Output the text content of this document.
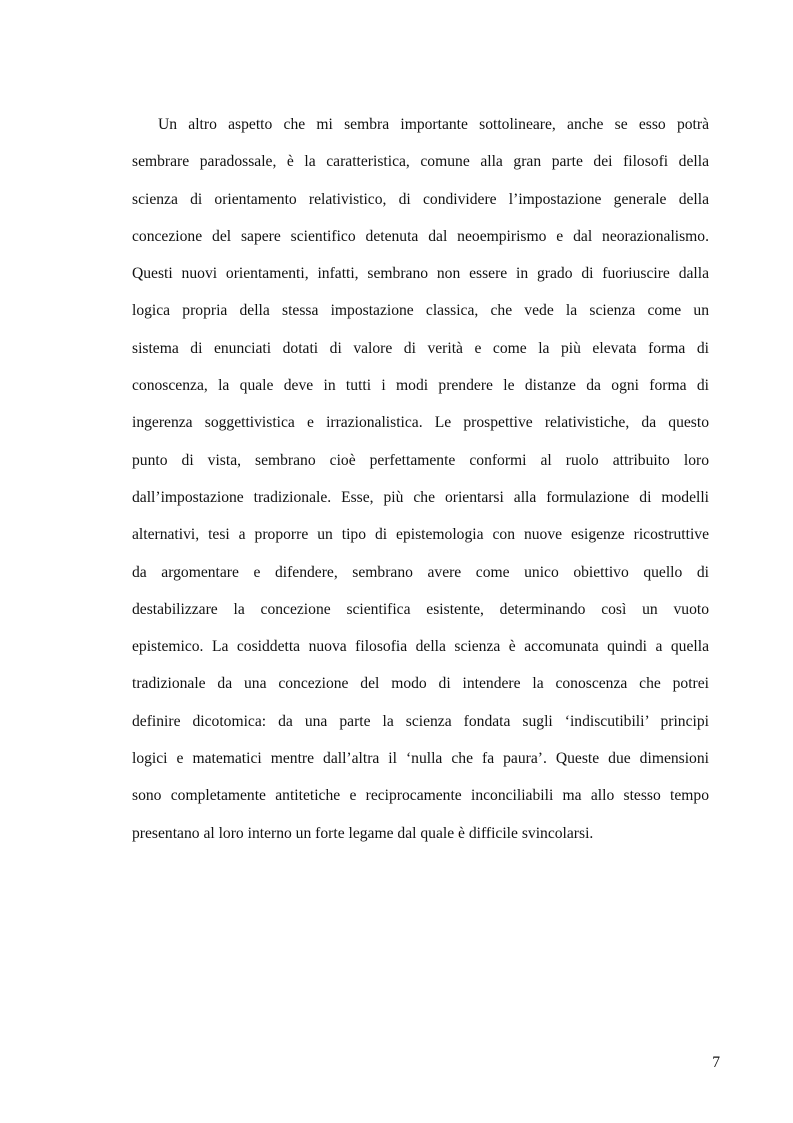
Un altro aspetto che mi sembra importante sottolineare, anche se esso potrà
sembrare paradossale, è la caratteristica, comune alla gran parte dei filosofi della
scienza di orientamento relativistico, di condividere l’impostazione generale della
concezione del sapere scientifico detenuta dal neoempirismo e dal neorazionalismo.
Questi nuovi orientamenti, infatti, sembrano non essere in grado di fuoriuscire dalla
logica propria della stessa impostazione classica, che vede la scienza come un
sistema di enunciati dotati di valore di verità e come la più elevata forma di
conoscenza, la quale deve in tutti i modi prendere le distanze da ogni forma di
ingerenza soggettivistica e irrazionalistica. Le prospettive relativistiche, da questo
punto di vista, sembrano cioè perfettamente conformi al ruolo attribuito loro
dall’impostazione tradizionale. Esse, più che orientarsi alla formulazione di modelli
alternativi, tesi a proporre un tipo di epistemologia con nuove esigenze ricostruttive
da argomentare e difendere, sembrano avere come unico obiettivo quello di
destabilizzare la concezione scientifica esistente, determinando così un vuoto
epistemico. La cosiddetta nuova filosofia della scienza è accomunata quindi a quella
tradizionale da una concezione del modo di intendere la conoscenza che potrei
definire dicotomica: da una parte la scienza fondata sugli ‘indiscutibili’ principi
logici e matematici mentre dall’altra il ‘nulla che fa paura’. Queste due dimensioni
sono completamente antitetiche e reciprocamente inconciliabili ma allo stesso tempo
presentano al loro interno un forte legame dal quale è difficile svincolarsi.
7
